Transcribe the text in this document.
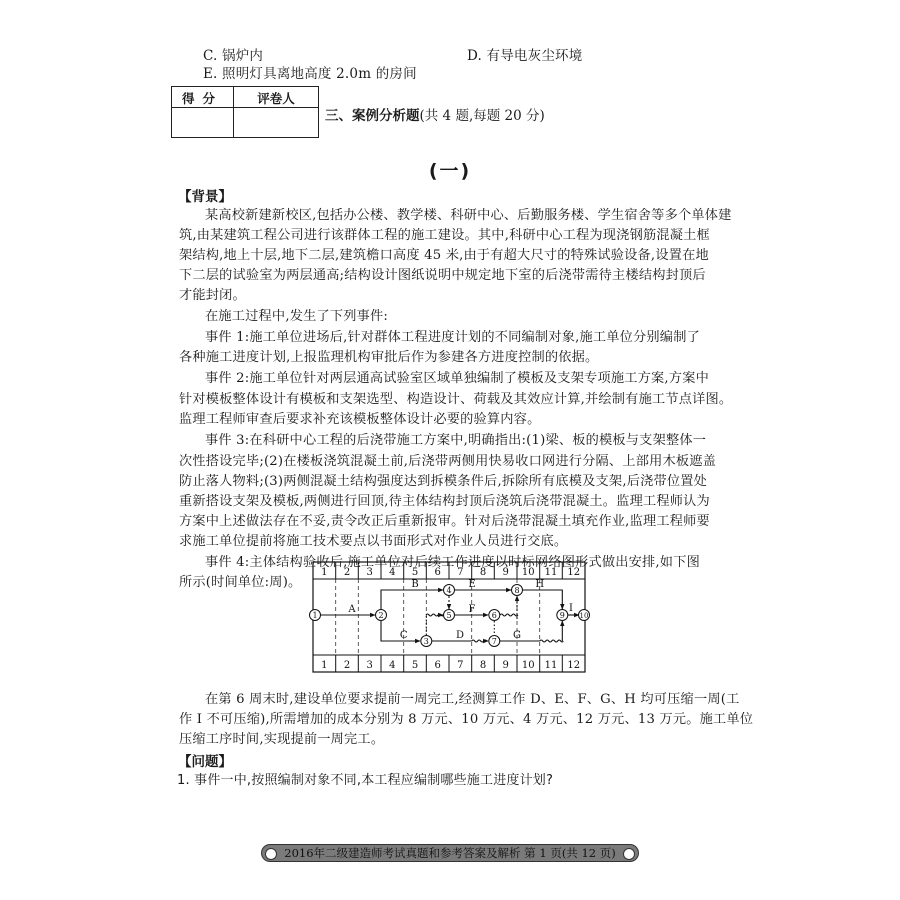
C. 锅炉内	D. 有导电灰尘环境
E. 照明灯具离地高度 2.0m 的房间
得分	评卷人
三、案例分析题(共 4 题,每题 20 分)
(一)
【背景】
某高校新建新校区,包括办公楼、教学楼、科研中心、后勤服务楼、学生宿舍等多个单体建
筑,由某建筑工程公司进行该群体工程的施工建设。其中,科研中心工程为现浇钢筋混凝土框
架结构,地上十层,地下二层,建筑檐口高度 45 米,由于有超大尺寸的特殊试验设备,设置在地
下二层的试验室为两层通高;结构设计图纸说明中规定地下室的后浇带需待主楼结构封顶后
才能封闭。
在施工过程中,发生了下列事件:
事件 1:施工单位进场后,针对群体工程进度计划的不同编制对象,施工单位分别编制了
各种施工进度计划,上报监理机构审批后作为参建各方进度控制的依据。
事件 2:施工单位针对两层通高试验室区域单独编制了模板及支架专项施工方案,方案中
针对模板整体设计有模板和支架选型、构造设计、荷载及其效应计算,并绘制有施工节点详图。
监理工程师审查后要求补充该模板整体设计必要的验算内容。
事件 3:在科研中心工程的后浇带施工方案中,明确指出:(1)梁、板的模板与支架整体一
次性搭设完毕;(2)在楼板浇筑混凝土前,后浇带两侧用快易收口网进行分隔、上部用木板遮盖
防止落人物料;(3)两侧混凝土结构强度达到拆模条件后,拆除所有底模及支架,后浇带位置处
重新搭设支架及模板,两侧进行回顶,待主体结构封顶后浇筑后浇带混凝土。监理工程师认为
方案中上述做法存在不妥,责令改正后重新报审。针对后浇带混凝土填充作业,监理工程师要
求施工单位提前将施工技术要点以书面形式对作业人员进行交底。
事件 4:主体结构验收后,施工单位对后续工作进度以时标网络图形式做出安排,如下图
所示(时间单位:周)。
1 2 3 4 5 6 7 8 9 10 11 12
1 2 3 4 5 6 7 8 9 10 11 12
1	2
3
4
5	6
7
8
9 10
A
B
C	D
E
F
G
H
I
在第 6 周末时,建设单位要求提前一周完工,经测算工作 D、E、F、G、H 均可压缩一周(工
作 Ⅰ 不可压缩),所需增加的成本分别为 8 万元、10 万元、4 万元、12 万元、13 万元。施工单位
压缩工序时间,实现提前一周完工。
【问题】
1. 事件一中,按照编制对象不同,本工程应编制哪些施工进度计划?
2016年二级建造师考试真题和参考答案及解析 第 1 页(共 12 页)
